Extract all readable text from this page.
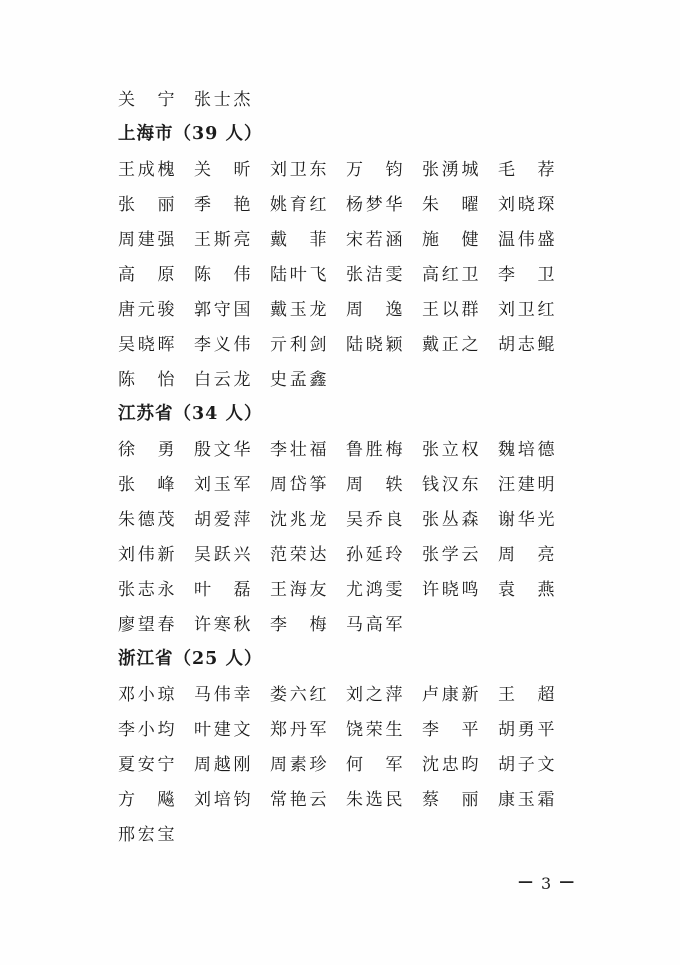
关宁 张士杰
上海市（39 人）
王成槐 关昕 刘卫东 万钧 张湧城 毛荐
张丽 季艳 姚育红 杨梦华 朱曜 刘晓琛
周建强 王斯亮 戴菲 宋若涵 施健 温伟盛
高原 陈伟 陆叶飞 张洁雯 高红卫 李卫
唐元骏 郭守国 戴玉龙 周逸 王以群 刘卫红
吴晓晖 李义伟 亓利剑 陆晓颖 戴正之 胡志鲲
陈怡 白云龙 史孟鑫
江苏省（34 人）
徐勇 殷文华 李壮福 鲁胜梅 张立权 魏培德
张峰 刘玉军 周岱筝 周轶 钱汉东 汪建明
朱德茂 胡爱萍 沈兆龙 吴乔良 张丛森 谢华光
刘伟新 吴跃兴 范荣达 孙延玲 张学云 周亮
张志永 叶磊 王海友 尤鸿雯 许晓鸣 袁燕
廖望春 许寒秋 李梅 马高军
浙江省（25 人）
邓小琼 马伟幸 娄六红 刘之萍 卢康新 王超
李小均 叶建文 郑丹军 饶荣生 李平 胡勇平
夏安宁 周越刚 周素珍 何军 沈忠昀 胡子文
方飚 刘培钧 常艳云 朱选民 蔡丽 康玉霜
邢宏宝
— 3 —
